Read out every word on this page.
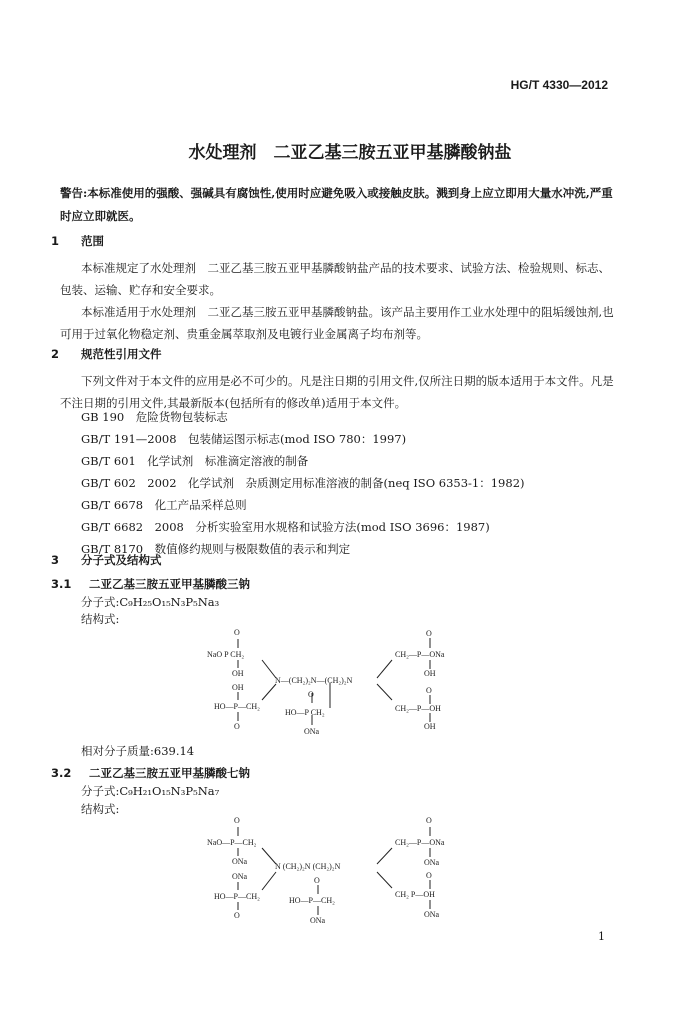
HG/T 4330—2012
水处理剂　二亚乙基三胺五亚甲基膦酸钠盐
警告:本标准使用的强酸、强碱具有腐蚀性,使用时应避免吸入或接触皮肤。溅到身上应立即用大量水冲洗,严重时应立即就医。
1 范围
本标准规定了水处理剂　二亚乙基三胺五亚甲基膦酸钠盐产品的技术要求、试验方法、检验规则、标志、包装、运输、贮存和安全要求。
本标准适用于水处理剂　二亚乙基三胺五亚甲基膦酸钠盐。该产品主要用作工业水处理中的阻垢缓蚀剂,也可用于过氧化物稳定剂、贵重金属萃取剂及电镀行业金属离子均布剂等。
2 规范性引用文件
下列文件对于本文件的应用是必不可少的。凡是注日期的引用文件,仅所注日期的版本适用于本文件。凡是不注日期的引用文件,其最新版本(包括所有的修改单)适用于本文件。
GB 190　危险货物包装标志
GB/T 191—2008　包装储运图示标志(mod ISO 780：1997)
GB/T 601　化学试剂　标准滴定溶液的制备
GB/T 602　2002　化学试剂　杂质测定用标准溶液的制备(neq ISO 6353-1：1982)
GB/T 6678　化工产品采样总则
GB/T 6682　2008　分析实验室用水规格和试验方法(mod ISO 3696：1987)
GB/T 8170　数值修约规则与极限数值的表示和判定
3 分子式及结构式
3.1 二亚乙基三胺五亚甲基膦酸三钠
分子式:C₉H₂₅O₁₅N₃P₅Na₃
结构式:
O
NaO P CH₂
OH
OH
HO—P—CH₂
O
N—(CH₂)₂N—(CH₂)₂N
O
HO—P CH₂
ONa
O
CH₂—P—ONa
OH
O
CH₂—P—OH
OH
相对分子质量:639.14
3.2 二亚乙基三胺五亚甲基膦酸七钠
分子式:C₉H₂₁O₁₅N₃P₅Na₇
结构式:
O
NaO—P—CH₂
ONa
ONa
HO—P—CH₂
O
N (CH₂)₂N (CH₂)₂N
O
HO—P—CH₂
ONa
O
CH₂—P—ONa
ONa
O
CH₂ P—OH
ONa
1
